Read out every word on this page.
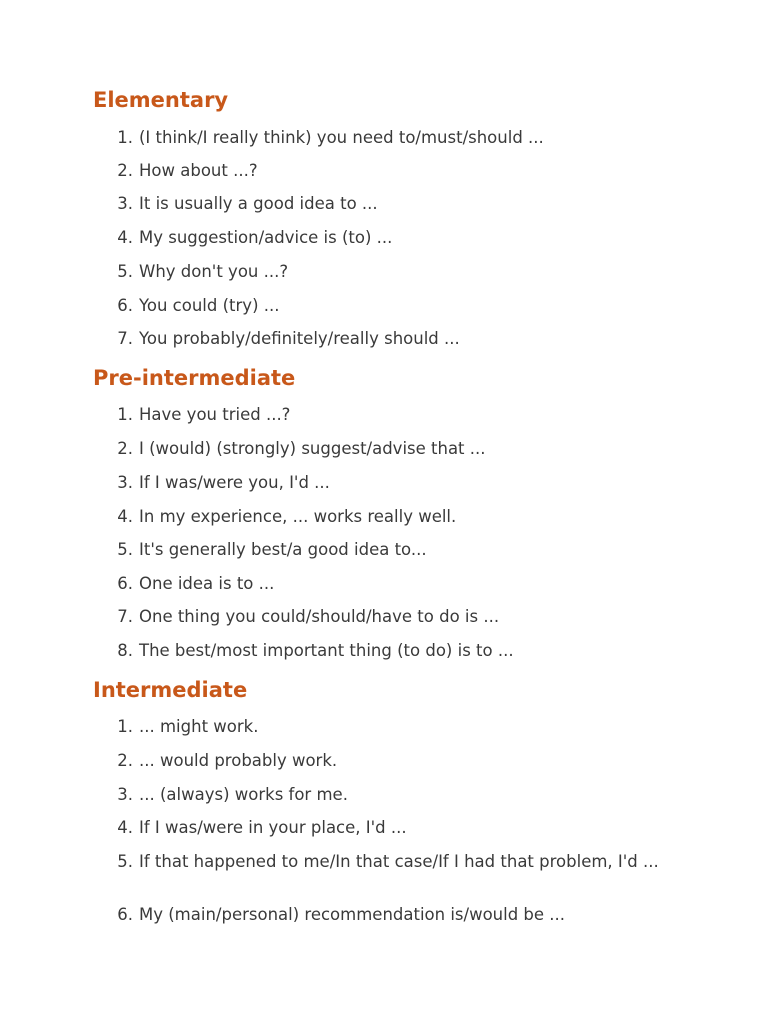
Elementary
1. (I think/I really think) you need to/must/should ...
2. How about ...?
3. It is usually a good idea to ...
4. My suggestion/advice is (to) ...
5. Why don't you ...?
6. You could (try) ...
7. You probably/definitely/really should ...
Pre-intermediate
1. Have you tried ...?
2. I (would) (strongly) suggest/advise that ...
3. If I was/were you, I'd ...
4. In my experience, ... works really well.
5. It's generally best/a good idea to...
6. One idea is to ...
7. One thing you could/should/have to do is ...
8. The best/most important thing (to do) is to ...
Intermediate
1. ... might work.
2. ... would probably work.
3. ... (always) works for me.
4. If I was/were in your place, I'd ...
5. If that happened to me/In that case/If I had that problem, I'd ...
6. My (main/personal) recommendation is/would be ...
